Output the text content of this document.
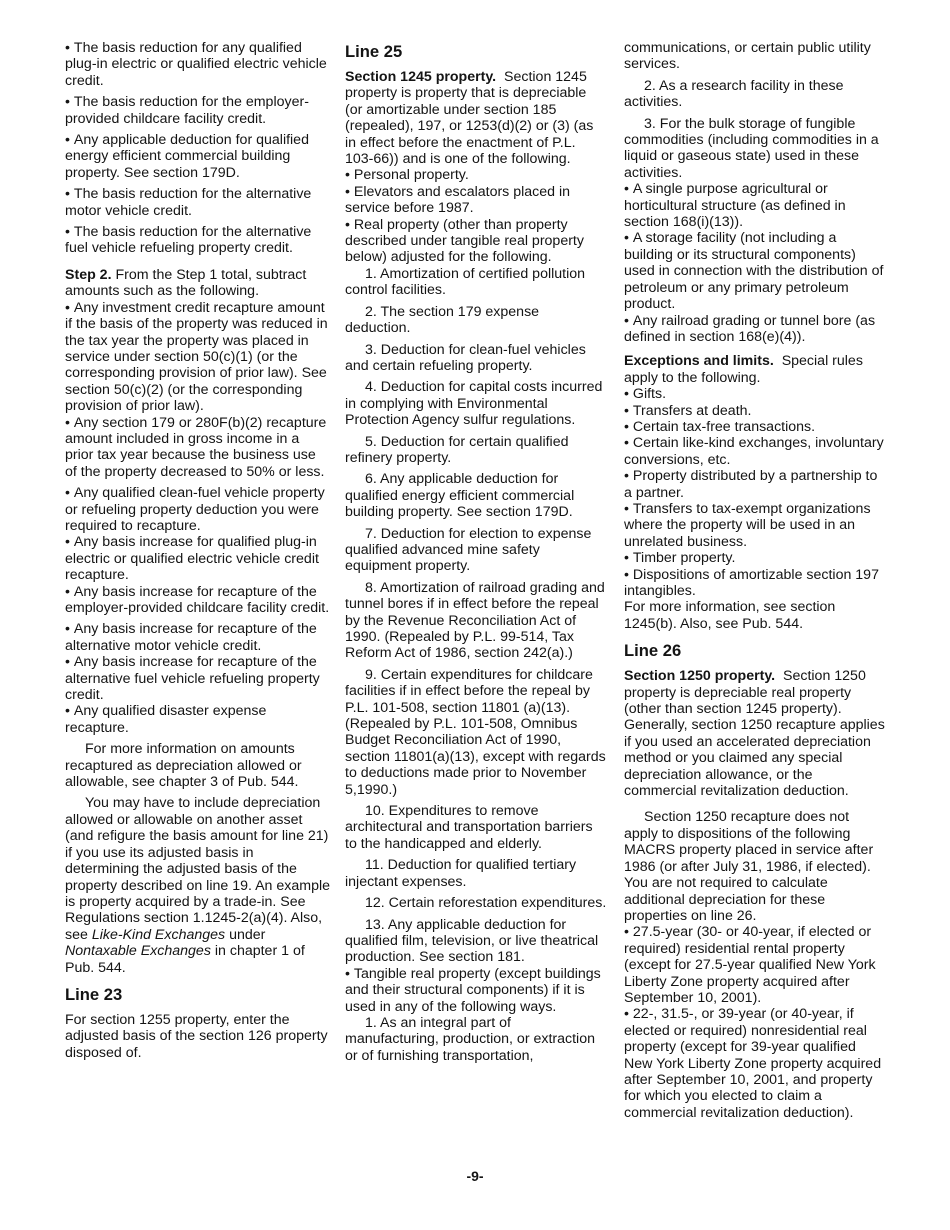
• The basis reduction for any qualified plug-in electric or qualified electric vehicle credit.

• The basis reduction for the employer-provided childcare facility credit.

• Any applicable deduction for qualified energy efficient commercial building property. See section 179D.

• The basis reduction for the alternative motor vehicle credit.

• The basis reduction for the alternative fuel vehicle refueling property credit.

Step 2. From the Step 1 total, subtract amounts such as the following.

• Any investment credit recapture amount if the basis of the property was reduced in the tax year the property was placed in service under section 50(c)(1) (or the corresponding provision of prior law). See section 50(c)(2) (or the corresponding provision of prior law).

• Any section 179 or 280F(b)(2) recapture amount included in gross income in a prior tax year because the business use of the property decreased to 50% or less.

• Any qualified clean-fuel vehicle property or refueling property deduction you were required to recapture.

• Any basis increase for qualified plug-in electric or qualified electric vehicle credit recapture.

• Any basis increase for recapture of the employer-provided childcare facility credit.

• Any basis increase for recapture of the alternative motor vehicle credit.

• Any basis increase for recapture of the alternative fuel vehicle refueling property credit.

• Any qualified disaster expense recapture.

For more information on amounts recaptured as depreciation allowed or allowable, see chapter 3 of Pub. 544.

You may have to include depreciation allowed or allowable on another asset (and refigure the basis amount for line 21) if you use its adjusted basis in determining the adjusted basis of the property described on line 19. An example is property acquired by a trade-in. See Regulations section 1.1245-2(a)(4). Also, see Like-Kind Exchanges under Nontaxable Exchanges in chapter 1 of Pub. 544.

Line 23

For section 1255 property, enter the adjusted basis of the section 126 property disposed of.

Line 25

Section 1245 property. Section 1245 property is property that is depreciable (or amortizable under section 185 (repealed), 197, or 1253(d)(2) or (3) (as in effect before the enactment of P.L. 103-66)) and is one of the following.

• Personal property.

• Elevators and escalators placed in service before 1987.

• Real property (other than property described under tangible real property below) adjusted for the following.

1. Amortization of certified pollution control facilities.

2. The section 179 expense deduction.

3. Deduction for clean-fuel vehicles and certain refueling property.

4. Deduction for capital costs incurred in complying with Environmental Protection Agency sulfur regulations.

5. Deduction for certain qualified refinery property.

6. Any applicable deduction for qualified energy efficient commercial building property. See section 179D.

7. Deduction for election to expense qualified advanced mine safety equipment property.

8. Amortization of railroad grading and tunnel bores if in effect before the repeal by the Revenue Reconciliation Act of 1990. (Repealed by P.L. 99-514, Tax Reform Act of 1986, section 242(a).)

9. Certain expenditures for childcare facilities if in effect before the repeal by P.L. 101-508, section 11801 (a)(13). (Repealed by P.L. 101-508, Omnibus Budget Reconciliation Act of 1990, section 11801(a)(13), except with regards to deductions made prior to November 5,1990.)

10. Expenditures to remove architectural and transportation barriers to the handicapped and elderly.

11. Deduction for qualified tertiary injectant expenses.

12. Certain reforestation expenditures.

13. Any applicable deduction for qualified film, television, or live theatrical production. See section 181.

• Tangible real property (except buildings and their structural components) if it is used in any of the following ways.

1. As an integral part of manufacturing, production, or extraction or of furnishing transportation,

communications, or certain public utility services.

2. As a research facility in these activities.

3. For the bulk storage of fungible commodities (including commodities in a liquid or gaseous state) used in these activities.

• A single purpose agricultural or horticultural structure (as defined in section 168(i)(13)).

• A storage facility (not including a building or its structural components) used in connection with the distribution of petroleum or any primary petroleum product.

• Any railroad grading or tunnel bore (as defined in section 168(e)(4)).

Exceptions and limits. Special rules apply to the following.

• Gifts.

• Transfers at death.

• Certain tax-free transactions.

• Certain like-kind exchanges, involuntary conversions, etc.

• Property distributed by a partnership to a partner.

• Transfers to tax-exempt organizations where the property will be used in an unrelated business.

• Timber property.

• Dispositions of amortizable section 197 intangibles.

For more information, see section 1245(b). Also, see Pub. 544.

Line 26

Section 1250 property. Section 1250 property is depreciable real property (other than section 1245 property). Generally, section 1250 recapture applies if you used an accelerated depreciation method or you claimed any special depreciation allowance, or the commercial revitalization deduction.

Section 1250 recapture does not apply to dispositions of the following MACRS property placed in service after 1986 (or after July 31, 1986, if elected). You are not required to calculate additional depreciation for these properties on line 26.

• 27.5-year (30- or 40-year, if elected or required) residential rental property (except for 27.5-year qualified New York Liberty Zone property acquired after September 10, 2001).

• 22-, 31.5-, or 39-year (or 40-year, if elected or required) nonresidential real property (except for 39-year qualified New York Liberty Zone property acquired after September 10, 2001, and property for which you elected to claim a commercial revitalization deduction).

-9-
